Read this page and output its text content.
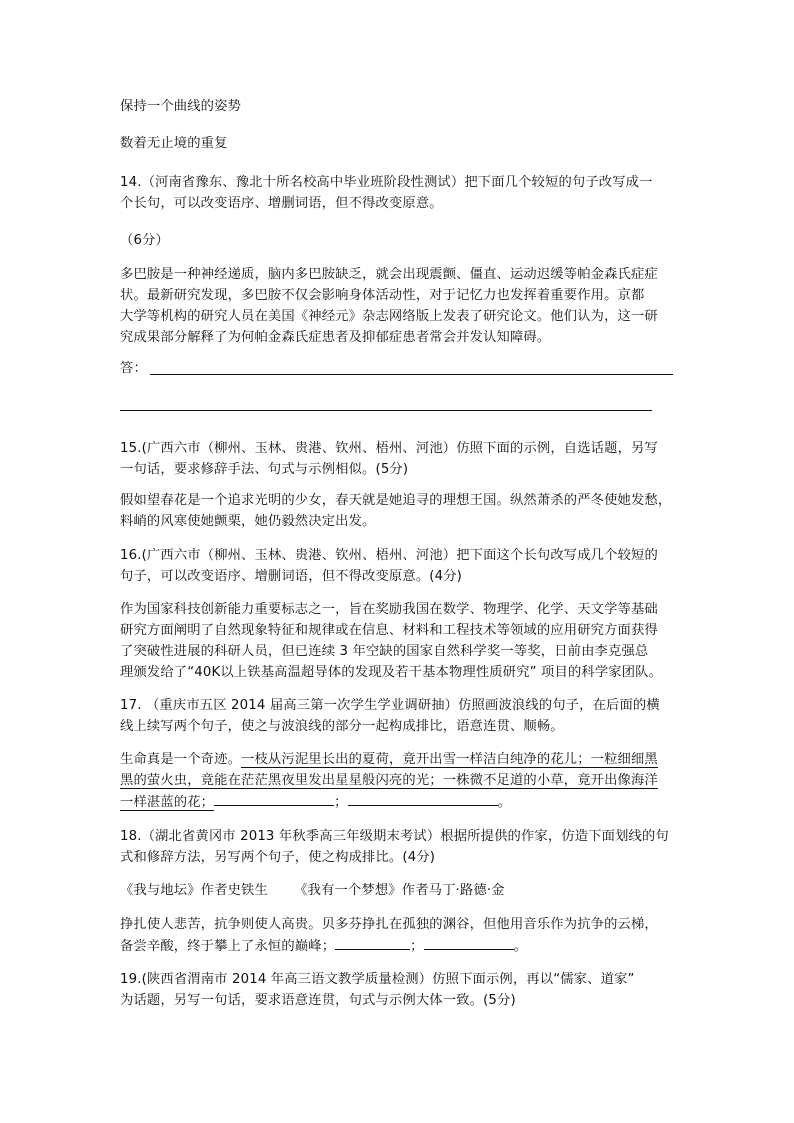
保持一个曲线的姿势
数着无止境的重复
14.（河南省豫东、豫北十所名校高中毕业班阶段性测试）把下面几个较短的句子改写成一
个长句，可以改变语序、增删词语，但不得改变原意。
（6分）
多巴胺是一种神经递质，脑内多巴胺缺乏，就会出现震颤、僵直、运动迟缓等帕金森氏症症
状。最新研究发现，多巴胺不仅会影响身体活动性，对于记忆力也发挥着重要作用。京都
大学等机构的研究人员在美国《神经元》杂志网络版上发表了研究论文。他们认为，这一研
究成果部分解释了为何帕金森氏症患者及抑郁症患者常会并发认知障碍。
答：
15.(广西六市（柳州、玉林、贵港、钦州、梧州、河池）仿照下面的示例，自选话题，另写
一句话，要求修辞手法、句式与示例相似。(5分)
假如望春花是一个追求光明的少女，春天就是她追寻的理想王国。纵然萧杀的严冬使她发愁，
料峭的风寒使她颤栗，她仍毅然决定出发。
16.(广西六市（柳州、玉林、贵港、钦州、梧州、河池）把下面这个长句改写成几个较短的
句子，可以改变语序、增删词语，但不得改变原意。(4分)
作为国家科技创新能力重要标志之一，旨在奖励我国在数学、物理学、化学、天文学等基础
研究方面阐明了自然现象特征和规律或在信息、材料和工程技术等领域的应用研究方面获得
了突破性进展的科研人员，但已连续 3 年空缺的国家自然科学奖一等奖，日前由李克强总
理颁发给了“40K以上铁基高温超导体的发现及若干基本物理性质研究” 项目的科学家团队。
17. （重庆市五区 2014 届高三第一次学生学业调研抽）仿照画波浪线的句子，在后面的横
线上续写两个句子，使之与波浪线的部分一起构成排比，语意连贯、顺畅。
生命真是一个奇迹。一枝从污泥里长出的夏荷，竟开出雪一样洁白纯净的花儿；一粒细细黑
黑的萤火虫，竟能在茫茫黑夜里发出星星般闪亮的光；一株微不足道的小草，竟开出像海洋
一样湛蓝的花；	；	。
18.（湖北省黄冈市 2013 年秋季高三年级期末考试）根据所提供的作家，仿造下面划线的句
式和修辞方法，另写两个句子，使之构成排比。(4分)
《我与地坛》作者史铁生      《我有一个梦想》作者马丁·路德·金
挣扎使人悲苦，抗争则使人高贵。贝多芬挣扎在孤独的渊谷，但他用音乐作为抗争的云梯，
备尝辛酸，终于攀上了永恒的巅峰；	；	。
19.(陕西省渭南市 2014 年高三语文教学质量检测）仿照下面示例，再以“儒家、道家”
为话题，另写一句话，要求语意连贯，句式与示例大体一致。(5分)
